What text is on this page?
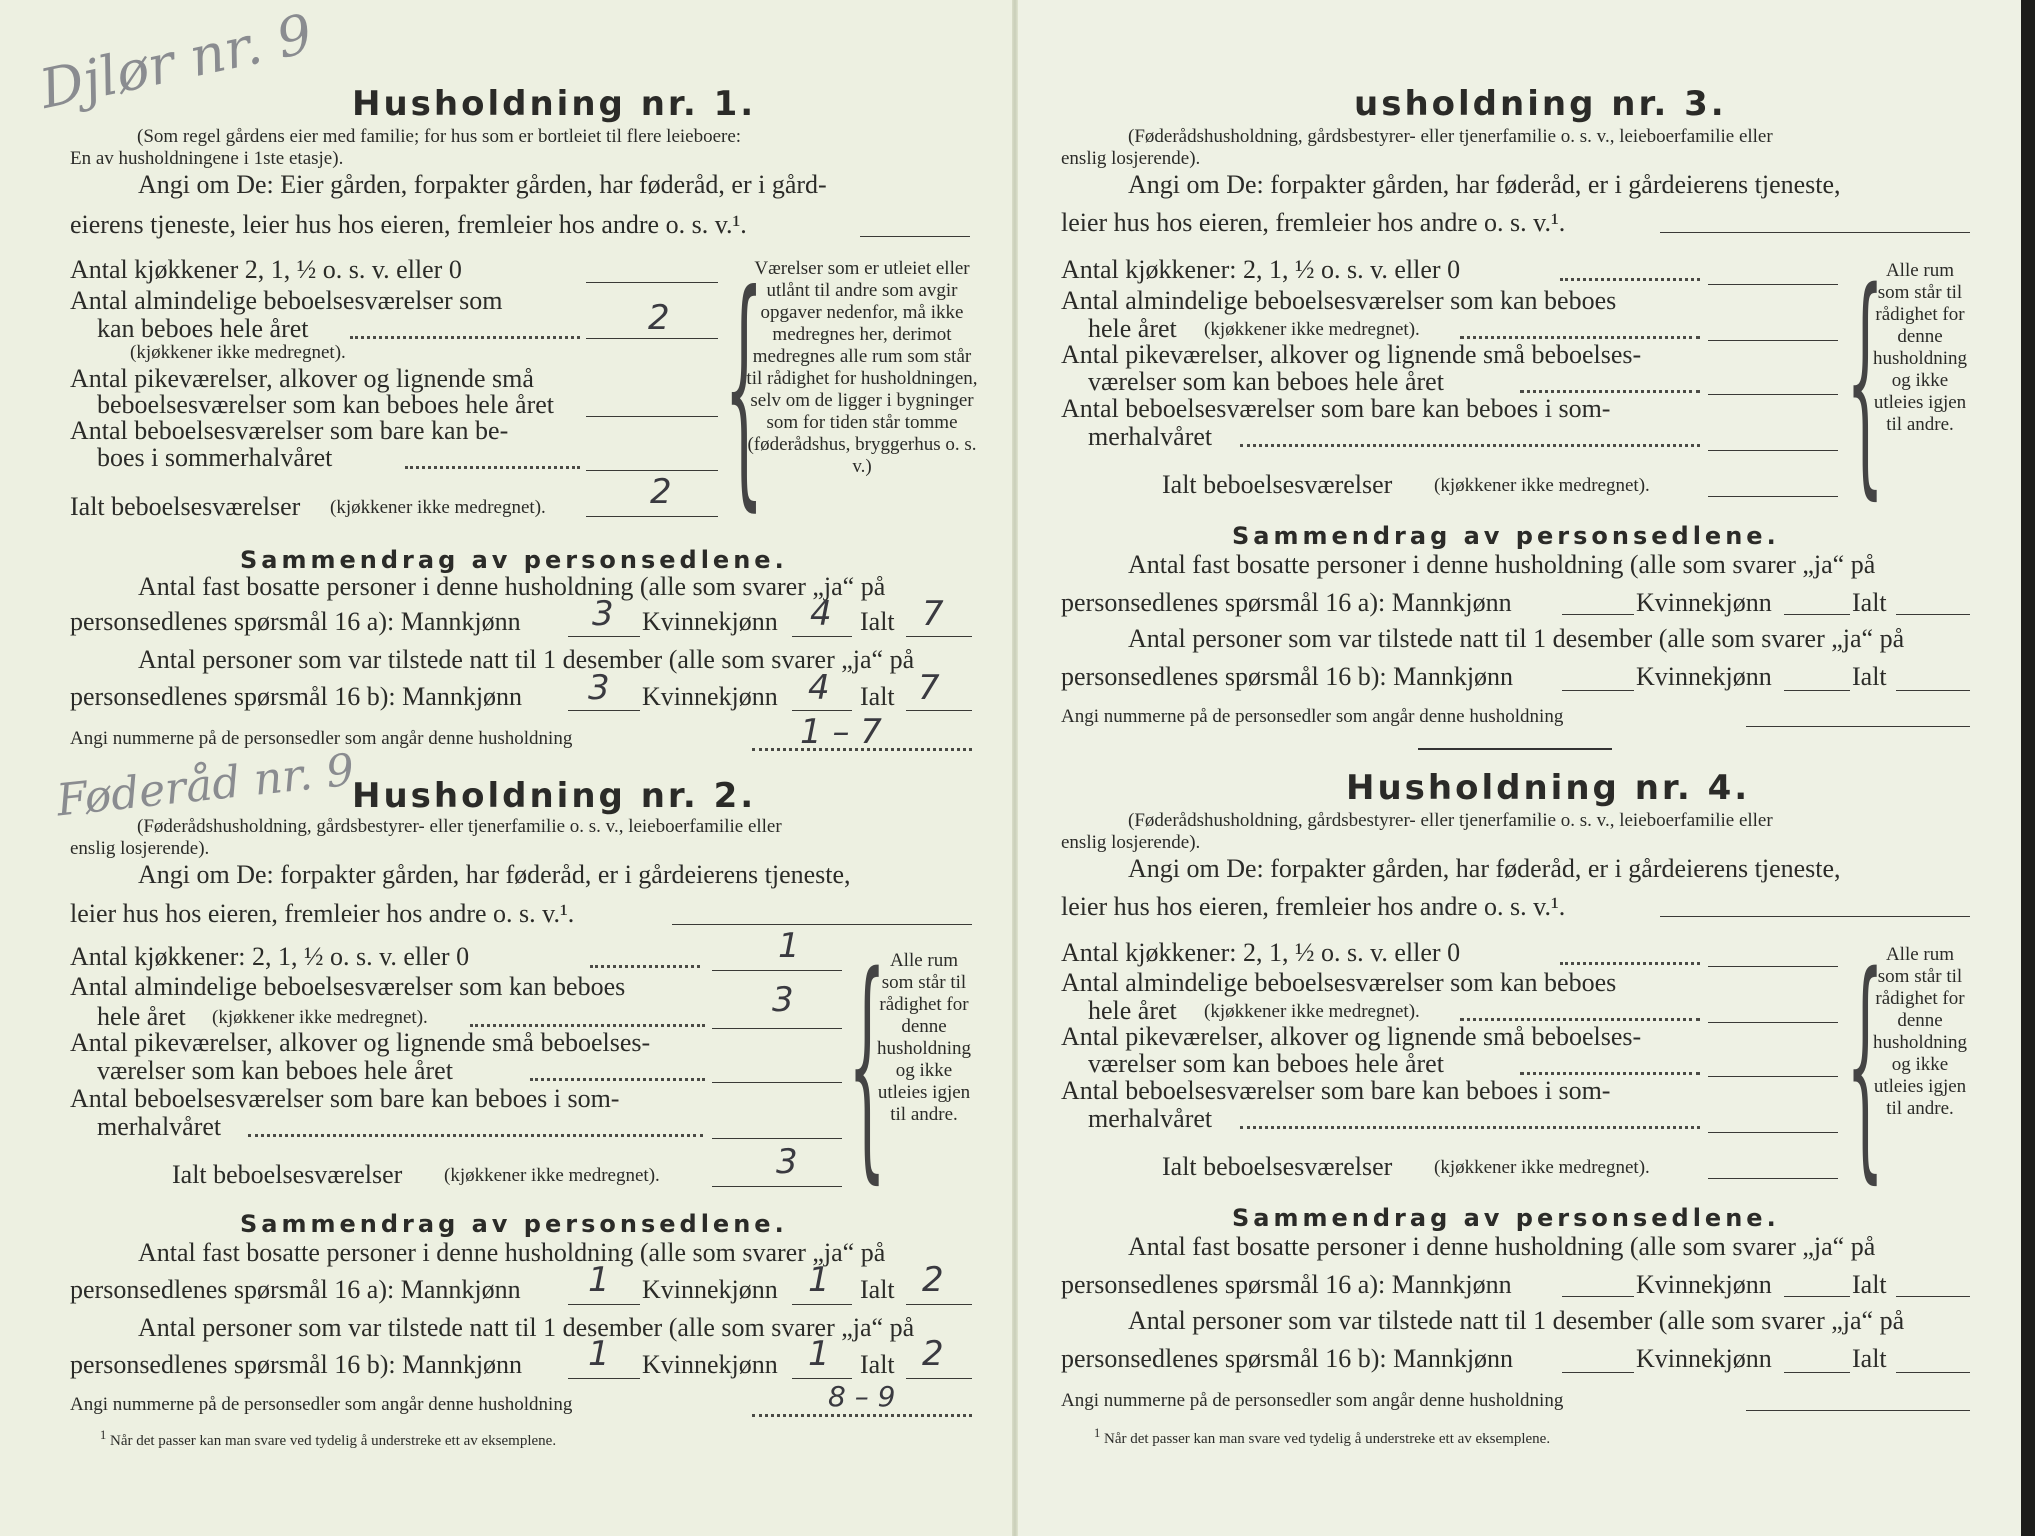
Djlør nr. 9 Husholdning nr. 1.
(Som regel gårdens eier med familie; for hus som er bortleiet til flere leieboere:
En av husholdningene i 1ste etasje).
Angi om De: Eier gården, forpakter gården, har føderåd, er i gård-
eierens tjeneste, leier hus hos eieren, fremleier hos andre o. s. v.¹.
Antal kjøkkener 2, 1, ½ o. s. v. eller 0
Antal almindelige beboelsesværelser som
kan beboes hele året	2
(kjøkkener ikke medregnet).
Antal pikeværelser, alkover og lignende små
beboelsesværelser som kan beboes hele året
Antal beboelsesværelser som bare kan be-
boes i sommerhalvåret
Ialt beboelsesværelser (kjøkkener ikke medregnet).	2 {
Værelser som er utleiet eller utlånt til andre som avgir opgaver nedenfor, må ikke medregnes her, derimot medregnes alle rum som står til rådighet for husholdningen, selv om de ligger i bygninger som for tiden står tomme (føderådshus, bryggerhus o. s. v.)
Sammendrag av personsedlene.
Antal fast bosatte personer i denne husholdning (alle som svarer „ja“ på
personsedlenes spørsmål 16 a): Mannkjønn 3 Kvinnekjønn 4 Ialt 7
Antal personer som var tilstede natt til 1 desember (alle som svarer „ja“ på
personsedlenes spørsmål 16 b): Mannkjønn 3 Kvinnekjønn 4 Ialt 7
Angi nummerne på de personsedler som angår denne husholdning	1 – 7
Føderåd nr. 9
Husholdning nr. 2.
(Føderådshusholdning, gårdsbestyrer- eller tjenerfamilie o. s. v., leieboerfamilie eller
enslig losjerende).
Angi om De: forpakter gården, har føderåd, er i gårdeierens tjeneste,
leier hus hos eieren, fremleier hos andre o. s. v.¹.
Antal kjøkkener: 2, 1, ½ o. s. v. eller 0	1
Antal almindelige beboelsesværelser som kan beboes
hele året (kjøkkener ikke medregnet).	3
Antal pikeværelser, alkover og lignende små beboelses-
værelser som kan beboes hele året
Antal beboelsesværelser som bare kan beboes i som-
merhalvåret
Ialt beboelsesværelser (kjøkkener ikke medregnet).	3 { Alle rum som står til rådighet for denne husholdning og ikke utleies igjen til andre.
Sammendrag av personsedlene.
Antal fast bosatte personer i denne husholdning (alle som svarer „ja“ på
personsedlenes spørsmål 16 a): Mannkjønn 1 Kvinnekjønn 1 Ialt 2
Antal personer som var tilstede natt til 1 desember (alle som svarer „ja“ på
personsedlenes spørsmål 16 b): Mannkjønn 1 Kvinnekjønn 1 Ialt 2
Angi nummerne på de personsedler som angår denne husholdning	8 – 9
$^1$ Når det passer kan man svare ved tydelig å understreke ett av eksemplene.
usholdning nr. 3.
(Føderådshusholdning, gårdsbestyrer- eller tjenerfamilie o. s. v., leieboerfamilie eller
enslig losjerende).
Angi om De: forpakter gården, har føderåd, er i gårdeierens tjeneste,
leier hus hos eieren, fremleier hos andre o. s. v.¹.
Antal kjøkkener: 2, 1, ½ o. s. v. eller 0
Antal almindelige beboelsesværelser som kan beboes
hele året (kjøkkener ikke medregnet).
Antal pikeværelser, alkover og lignende små beboelses-
værelser som kan beboes hele året
Antal beboelsesværelser som bare kan beboes i som-
merhalvåret
Ialt beboelsesværelser (kjøkkener ikke medregnet). { Alle rum som står til rådighet for denne husholdning og ikke utleies igjen til andre.
Sammendrag av personsedlene.
Antal fast bosatte personer i denne husholdning (alle som svarer „ja“ på
personsedlenes spørsmål 16 a): Mannkjønn	Kvinnekjønn	Ialt
Antal personer som var tilstede natt til 1 desember (alle som svarer „ja“ på
personsedlenes spørsmål 16 b): Mannkjønn	Kvinnekjønn	Ialt
Angi nummerne på de personsedler som angår denne husholdning
Husholdning nr. 4.
(Føderådshusholdning, gårdsbestyrer- eller tjenerfamilie o. s. v., leieboerfamilie eller
enslig losjerende).
Angi om De: forpakter gården, har føderåd, er i gårdeierens tjeneste,
leier hus hos eieren, fremleier hos andre o. s. v.¹.
Antal kjøkkener: 2, 1, ½ o. s. v. eller 0
Antal almindelige beboelsesværelser som kan beboes
hele året (kjøkkener ikke medregnet).
Antal pikeværelser, alkover og lignende små beboelses-
værelser som kan beboes hele året
Antal beboelsesværelser som bare kan beboes i som-
merhalvåret
Ialt beboelsesværelser (kjøkkener ikke medregnet). { Alle rum som står til rådighet for denne husholdning og ikke utleies igjen til andre.
Sammendrag av personsedlene.
Antal fast bosatte personer i denne husholdning (alle som svarer „ja“ på
personsedlenes spørsmål 16 a): Mannkjønn	Kvinnekjønn	Ialt
Antal personer som var tilstede natt til 1 desember (alle som svarer „ja“ på
personsedlenes spørsmål 16 b): Mannkjønn	Kvinnekjønn	Ialt
Angi nummerne på de personsedler som angår denne husholdning
$^1$ Når det passer kan man svare ved tydelig å understreke ett av eksemplene.
